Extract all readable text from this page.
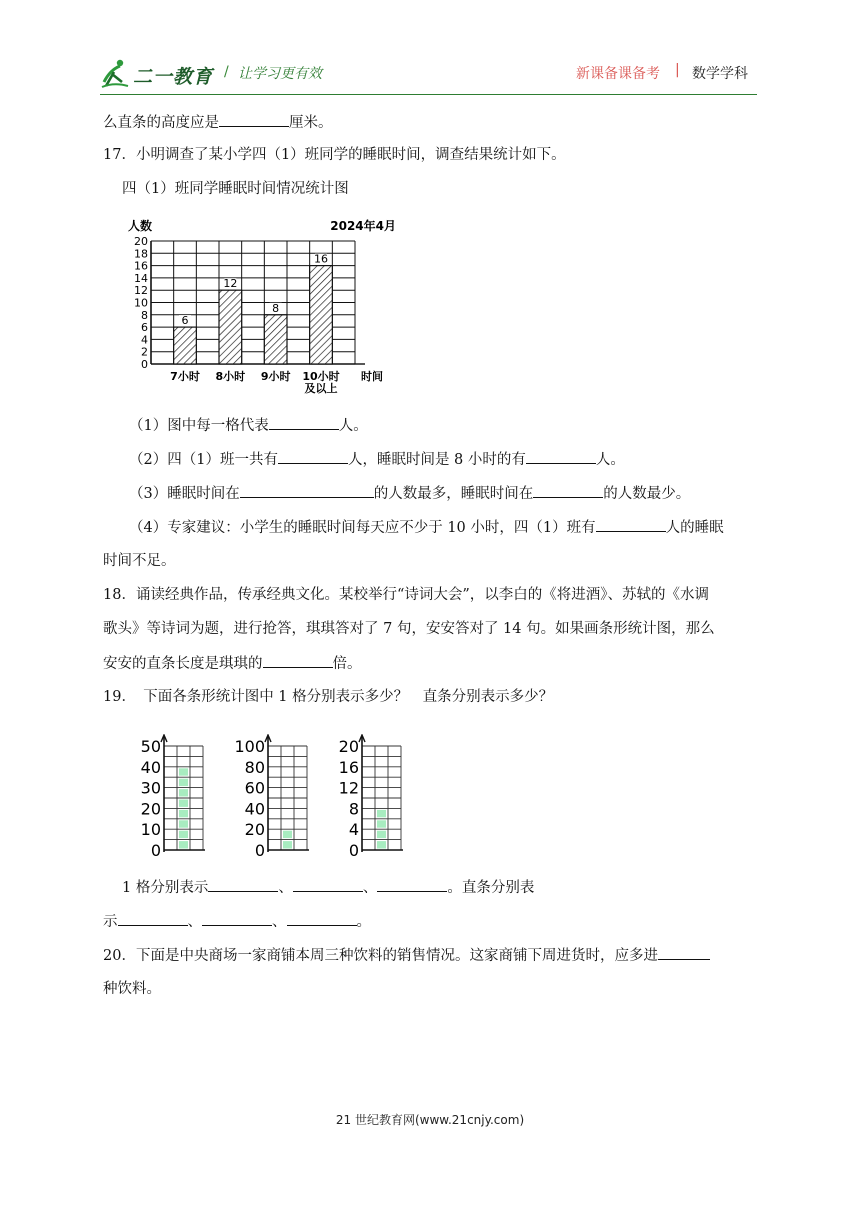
二一教育 / 让学习更有效	新课备课备考 | 数学学科
么直条的高度应是	厘米。
17．小明调查了某小学四（1）班同学的睡眠时间，调查结果统计如下。
四（1）班同学睡眠时间情况统计图
0
2
4
6
8
10
12
14
16
18
20
6
7小时
12
8小时
8
9小时
16
10小时
及以上
人数	2024年4月
时间
（1）图中每一格代表	人。
（2）四（1）班一共有	人，睡眠时间是 8 小时的有	人。
（3）睡眠时间在	的人数最多，睡眠时间在	的人数最少。
（4）专家建议：小学生的睡眠时间每天应不少于 10 小时，四（1）班有	人的睡眠
时间不足。
18．诵读经典作品，传承经典文化。某校举行“诗词大会”，以李白的《将进酒》、苏轼的《水调
歌头》等诗词为题，进行抢答，琪琪答对了 7 句，安安答对了 14 句。如果画条形统计图，那么
安安的直条长度是琪琪的	倍。
19．　下面各条形统计图中 1 格分别表示多少？　直条分别表示多少？
0
10
20
30
40
50
0
20
40
60
80
100
0
4
8
12
16
20
1 格分别表示	、	、	。直条分别表
示	、	、	。
20．下面是中央商场一家商铺本周三种饮料的销售情况。这家商铺下周进货时，应多进
种饮料。
21 世纪教育网(www.21cnjy.com)
